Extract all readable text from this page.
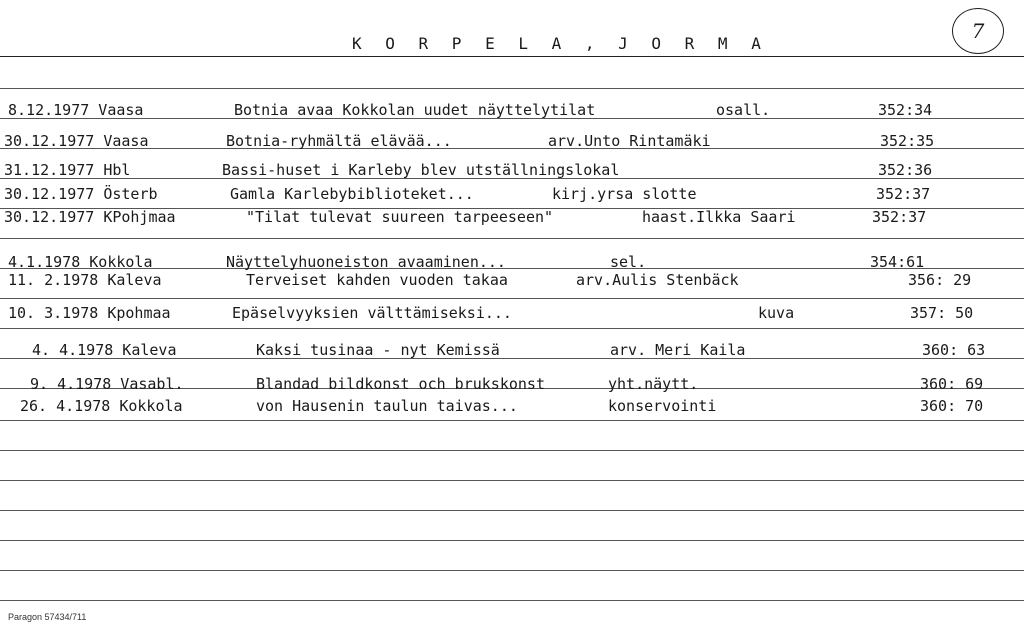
K O R P E L A , J O R M A
7
8.12.1977 Vaasa	Botnia avaa Kokkolan uudet näyttelytilat	osall.	352:34
30.12.1977 Vaasa	Botnia-ryhmältä elävää...	arv.Unto Rintamäki	352:35
31.12.1977 Hbl	Bassi-huset i Karleby blev utställningslokal	352:36
30.12.1977 Österb	Gamla Karlebybiblioteket...	kirj.yrsa slotte	352:37
30.12.1977 KPohjmaa	"Tilat tulevat suureen tarpeeseen"	haast.Ilkka Saari	352:37
4.1.1978 Kokkola	Näyttelyhuoneiston avaaminen...	sel.	354:61
11. 2.1978 Kaleva	Terveiset kahden vuoden takaa	arv.Aulis Stenbäck	356: 29
10. 3.1978 Kpohmaa	Epäselvyyksien välttämiseksi...	kuva	357: 50
4. 4.1978 Kaleva	Kaksi tusinaa - nyt Kemissä	arv. Meri Kaila	360: 63
9. 4.1978 Vasabl.	Blandad bildkonst och brukskonst	yht.näytt.	360: 69
26. 4.1978 Kokkola	von Hausenin taulun taivas...	konservointi	360: 70
Paragon 57434/711
